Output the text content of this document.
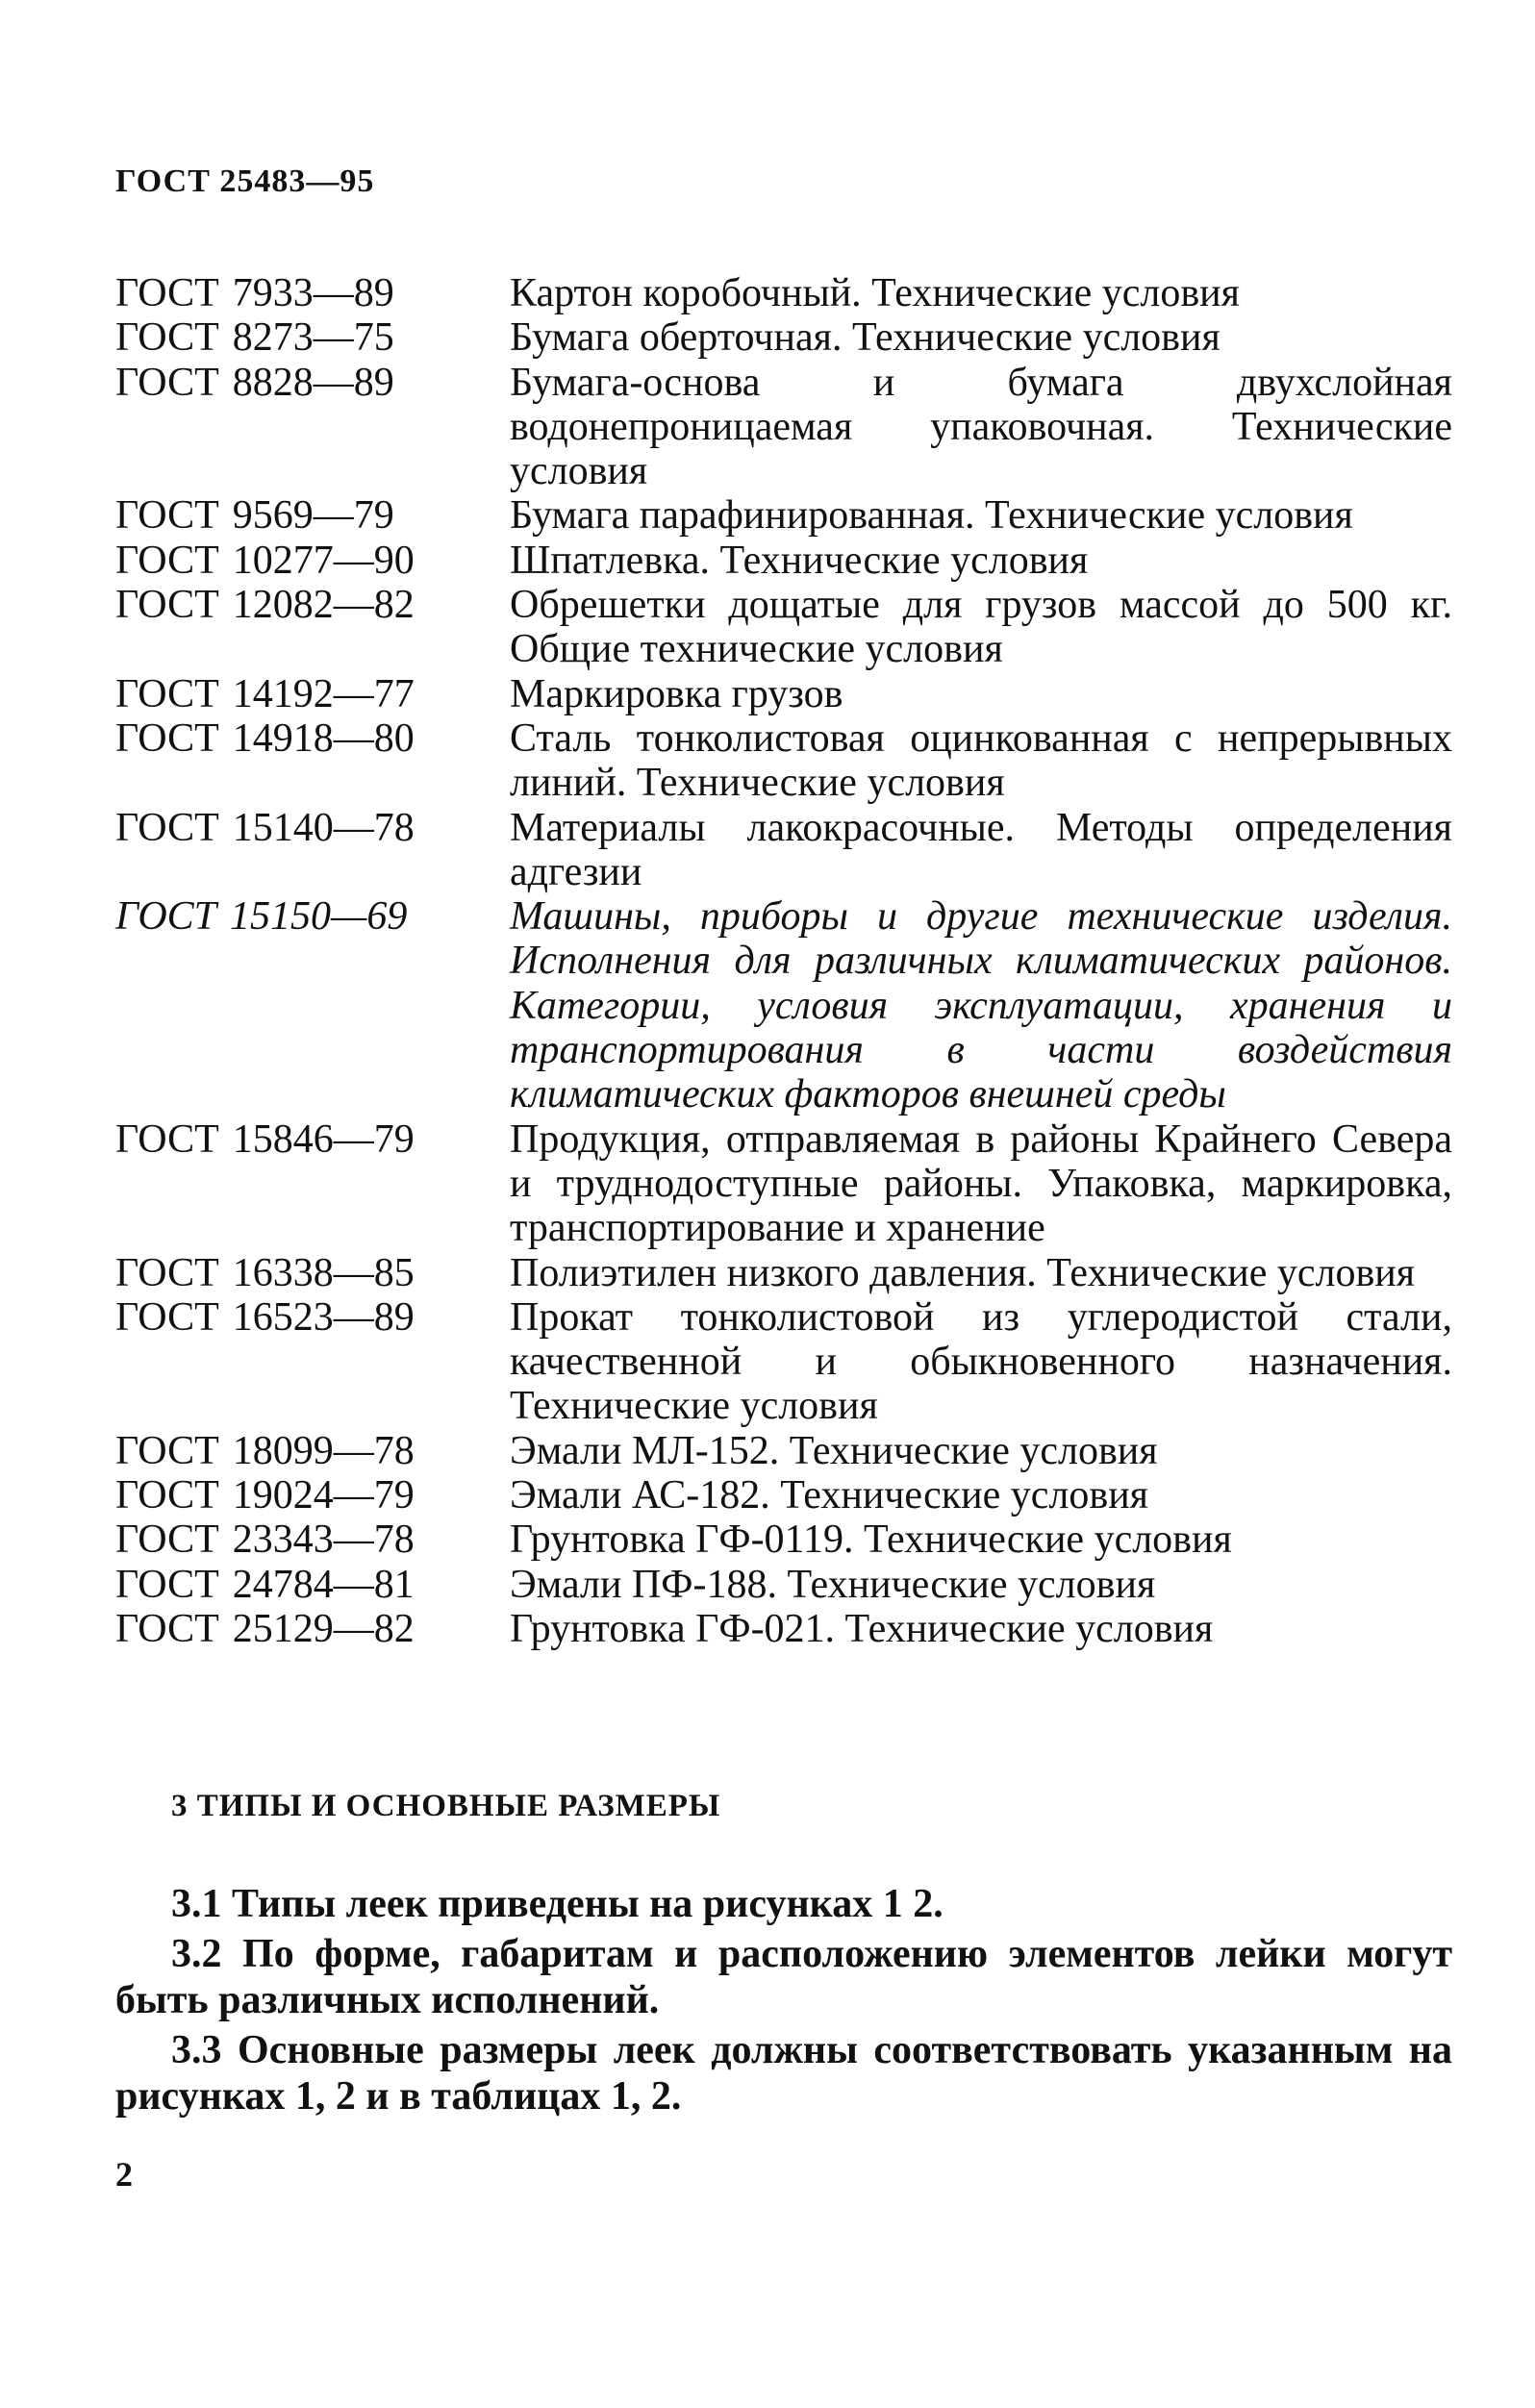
ГОСТ 25483—95
ГОСТ 7933—89	Картон коробочный. Технические условия
ГОСТ 8273—75	Бумага оберточная. Технические условия
ГОСТ 8828—89	Бумага-основа и бумага двухслойная водонепроницаемая упаковочная. Технические условия
ГОСТ 9569—79	Бумага парафинированная. Технические условия
ГОСТ 10277—90	Шпатлевка. Технические условия
ГОСТ 12082—82	Обрешетки дощатые для грузов массой до 500 кг. Общие технические условия
ГОСТ 14192—77	Маркировка грузов
ГОСТ 14918—80	Сталь тонколистовая оцинкованная с непрерывных линий. Технические условия
ГОСТ 15140—78	Материалы лакокрасочные. Методы определения адгезии
ГОСТ 15150—69	Машины, приборы и другие технические изделия. Исполнения для различных климатических районов. Категории, условия эксплуатации, хранения и транспортирования в части воздействия климатических факторов внешней среды
ГОСТ 15846—79	Продукция, отправляемая в районы Крайнего Севера и труднодоступные районы. Упаковка, маркировка, транспортирование и хранение
ГОСТ 16338—85	Полиэтилен низкого давления. Технические условия
ГОСТ 16523—89	Прокат тонколистовой из углеродистой стали, качественной и обыкновенного назначения. Технические условия
ГОСТ 18099—78	Эмали МЛ-152. Технические условия
ГОСТ 19024—79	Эмали АС-182. Технические условия
ГОСТ 23343—78	Грунтовка ГФ-0119. Технические условия
ГОСТ 24784—81	Эмали ПФ-188. Технические условия
ГОСТ 25129—82	Грунтовка ГФ-021. Технические условия
3 ТИПЫ И ОСНОВНЫЕ РАЗМЕРЫ
3.1 Типы леек приведены на рисунках 1 2.
3.2 По форме, габаритам и расположению элементов лейки могут быть различных исполнений.
3.3 Основные размеры леек должны соответствовать указанным на рисунках 1, 2 и в таблицах 1, 2.
2
